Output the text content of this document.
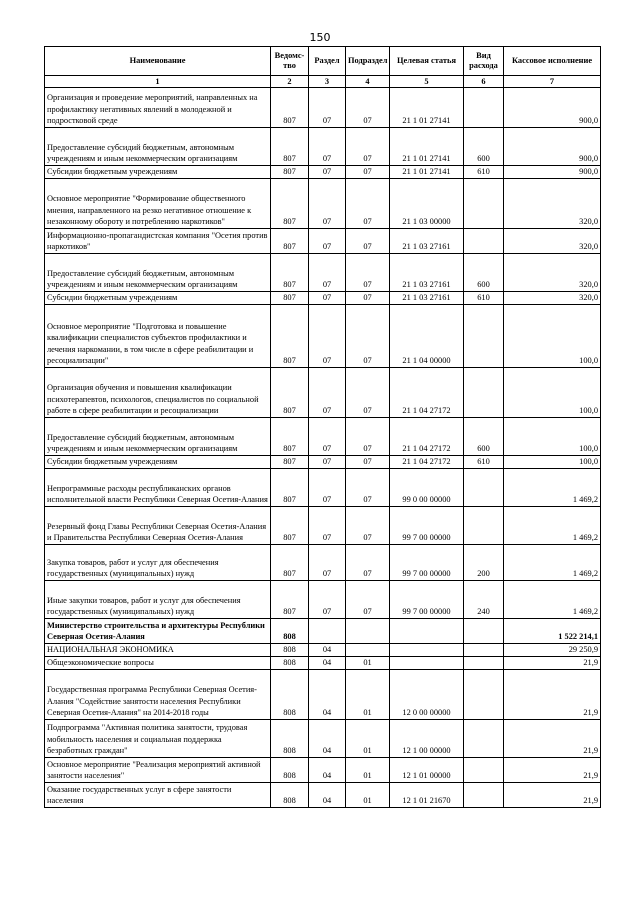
150
Наименование	Ведомс-тво	Раздел	Подраздел	Целевая статья	Вид расхода	Кассовое исполнение
1	2	3	4	5	6	7
Организация и проведение мероприятий, направленных на профилактику негативных явлений в молодежной и подростковой среде	807	07	07	21 1 01 27141		900,0
Предоставление субсидий бюджетным, автономным учреждениям и иным некоммерческим организациям	807	07	07	21 1 01 27141	600	900,0
Субсидии бюджетным учреждениям	807	07	07	21 1 01 27141	610	900,0
Основное мероприятие "Формирование общественного мнения, направленного на резко негативное отношение к незаконному обороту и потреблению наркотиков"	807	07	07	21 1 03 00000		320,0
Информационно-пропагандистская компания "Осетия против наркотиков"	807	07	07	21 1 03 27161		320,0
Предоставление субсидий бюджетным, автономным учреждениям и иным некоммерческим организациям	807	07	07	21 1 03 27161	600	320,0
Субсидии бюджетным учреждениям	807	07	07	21 1 03 27161	610	320,0
Основное мероприятие "Подготовка и повышение квалификации специалистов субъектов профилактики и лечения наркомании, в том числе в сфере реабилитации и ресоциализации"	807	07	07	21 1 04 00000		100,0
Организация обучения и повышения квалификации психотерапевтов, психологов, специалистов по социальной работе в сфере реабилитации и ресоциализации	807	07	07	21 1 04 27172		100,0
Предоставление субсидий бюджетным, автономным учреждениям и иным некоммерческим организациям	807	07	07	21 1 04 27172	600	100,0
Субсидии бюджетным учреждениям	807	07	07	21 1 04 27172	610	100,0
Непрограммные расходы республиканских органов исполнительной власти Республики Северная Осетия-Алания	807	07	07	99 0 00 00000		1 469,2
Резервный фонд Главы Республики Северная Осетия-Алания и Правительства Республики Северная Осетия-Алания	807	07	07	99 7 00 00000		1 469,2
Закупка товаров, работ и услуг для обеспечения государственных (муниципальных) нужд	807	07	07	99 7 00 00000	200	1 469,2
Иные закупки товаров, работ и услуг для обеспечения государственных (муниципальных) нужд	807	07	07	99 7 00 00000	240	1 469,2
Министерство строительства и архитектуры Республики Северная Осетия-Алания	808					1 522 214,1
НАЦИОНАЛЬНАЯ ЭКОНОМИКА	808	04				29 250,9
Общеэкономические вопросы	808	04	01			21,9
Государственная программа Республики Северная Осетия-Алания "Содействие занятости населения Республики Северная Осетия-Алания" на 2014-2018 годы	808	04	01	12 0 00 00000		21,9
Подпрограмма "Активная политика занятости, трудовая мобильность населения и социальная поддержка безработных граждан"	808	04	01	12 1 00 00000		21,9
Основное мероприятие "Реализация мероприятий активной занятости населения"	808	04	01	12 1 01 00000		21,9
Оказание государственных услуг в сфере занятости населения	808	04	01	12 1 01 21670		21,9
